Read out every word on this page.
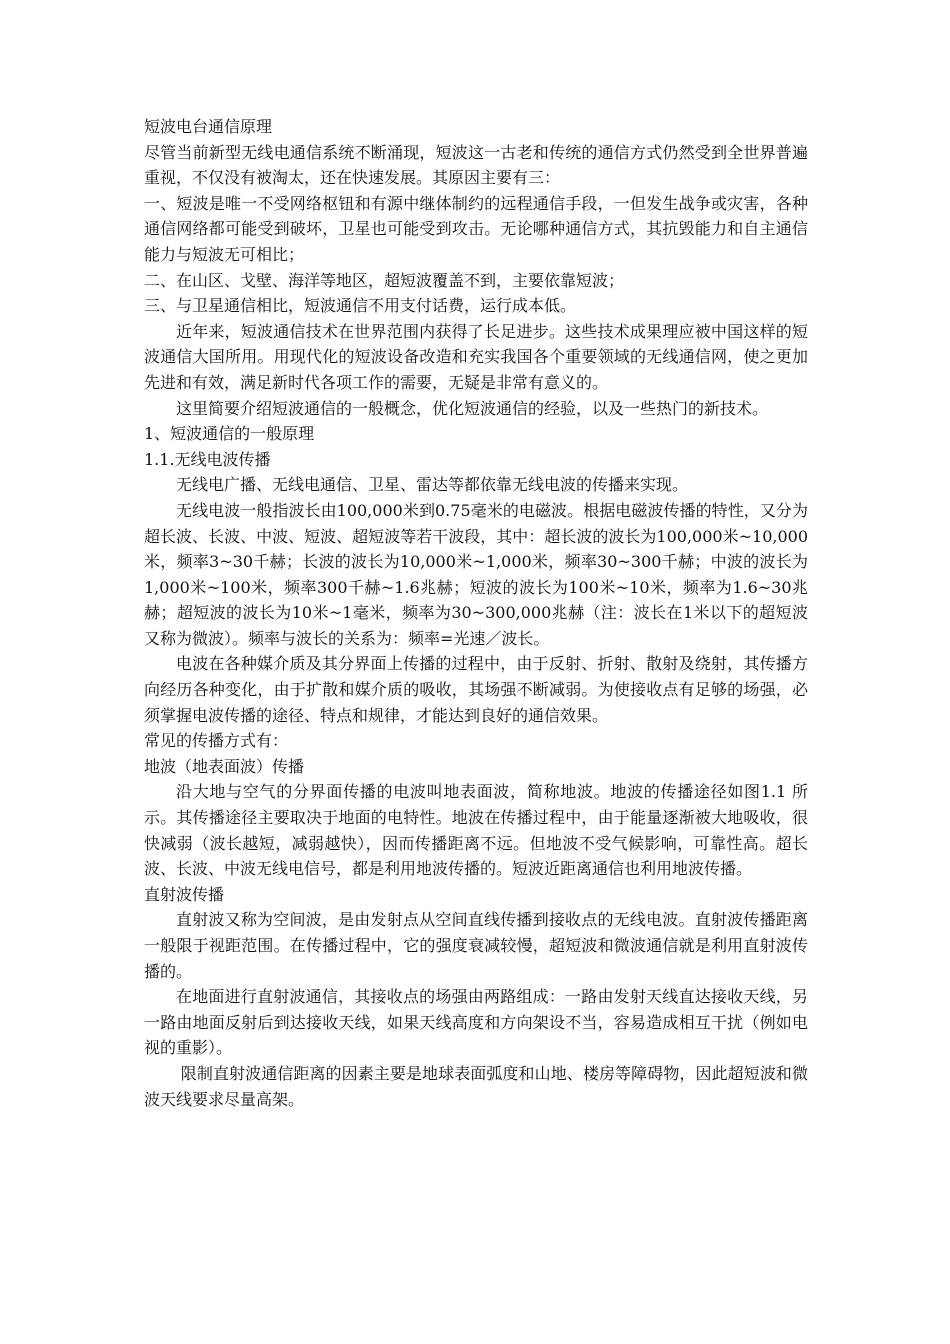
短波电台通信原理

尽管当前新型无线电通信系统不断涌现，短波这一古老和传统的通信方式仍然受到全世界普遍重视，不仅没有被淘太，还在快速发展。其原因主要有三：

一、短波是唯一不受网络枢钮和有源中继体制约的远程通信手段，一但发生战争或灾害，各种通信网络都可能受到破坏，卫星也可能受到攻击。无论哪种通信方式，其抗毁能力和自主通信能力与短波无可相比；

二、在山区、戈壁、海洋等地区，超短波覆盖不到，主要依靠短波；

三、与卫星通信相比，短波通信不用支付话费，运行成本低。

近年来，短波通信技术在世界范围内获得了长足进步。这些技术成果理应被中国这样的短波通信大国所用。用现代化的短波设备改造和充实我国各个重要领域的无线通信网，使之更加先进和有效，满足新时代各项工作的需要，无疑是非常有意义的。

这里简要介绍短波通信的一般概念，优化短波通信的经验，以及一些热门的新技术。

1、短波通信的一般原理

1.1.无线电波传播

无线电广播、无线电通信、卫星、雷达等都依靠无线电波的传播来实现。

无线电波一般指波长由100,000米到0.75毫米的电磁波。根据电磁波传播的特性，又分为超长波、长波、中波、短波、超短波等若干波段，其中：超长波的波长为100,000米~10,000米，频率3~30千赫；长波的波长为10,000米~1,000米，频率30~300千赫；中波的波长为1,000米~100米，频率300千赫~1.6兆赫；短波的波长为100米~10米，频率为1.6~30兆赫；超短波的波长为10米~1毫米，频率为30~300,000兆赫（注：波长在1米以下的超短波又称为微波）。频率与波长的关系为：频率=光速／波长。

电波在各种媒介质及其分界面上传播的过程中，由于反射、折射、散射及绕射，其传播方向经历各种变化，由于扩散和媒介质的吸收，其场强不断减弱。为使接收点有足够的场强，必须掌握电波传播的途径、特点和规律，才能达到良好的通信效果。

常见的传播方式有：

地波（地表面波）传播

沿大地与空气的分界面传播的电波叫地表面波，简称地波。地波的传播途径如图1.1 所示。其传播途径主要取决于地面的电特性。地波在传播过程中，由于能量逐渐被大地吸收，很快减弱（波长越短，减弱越快），因而传播距离不远。但地波不受气候影响，可靠性高。超长波、长波、中波无线电信号，都是利用地波传播的。短波近距离通信也利用地波传播。

直射波传播

直射波又称为空间波，是由发射点从空间直线传播到接收点的无线电波。直射波传播距离一般限于视距范围。在传播过程中，它的强度衰减较慢，超短波和微波通信就是利用直射波传播的。

在地面进行直射波通信，其接收点的场强由两路组成：一路由发射天线直达接收天线，另一路由地面反射后到达接收天线，如果天线高度和方向架设不当，容易造成相互干扰（例如电视的重影）。

限制直射波通信距离的因素主要是地球表面弧度和山地、楼房等障碍物，因此超短波和微波天线要求尽量高架。
